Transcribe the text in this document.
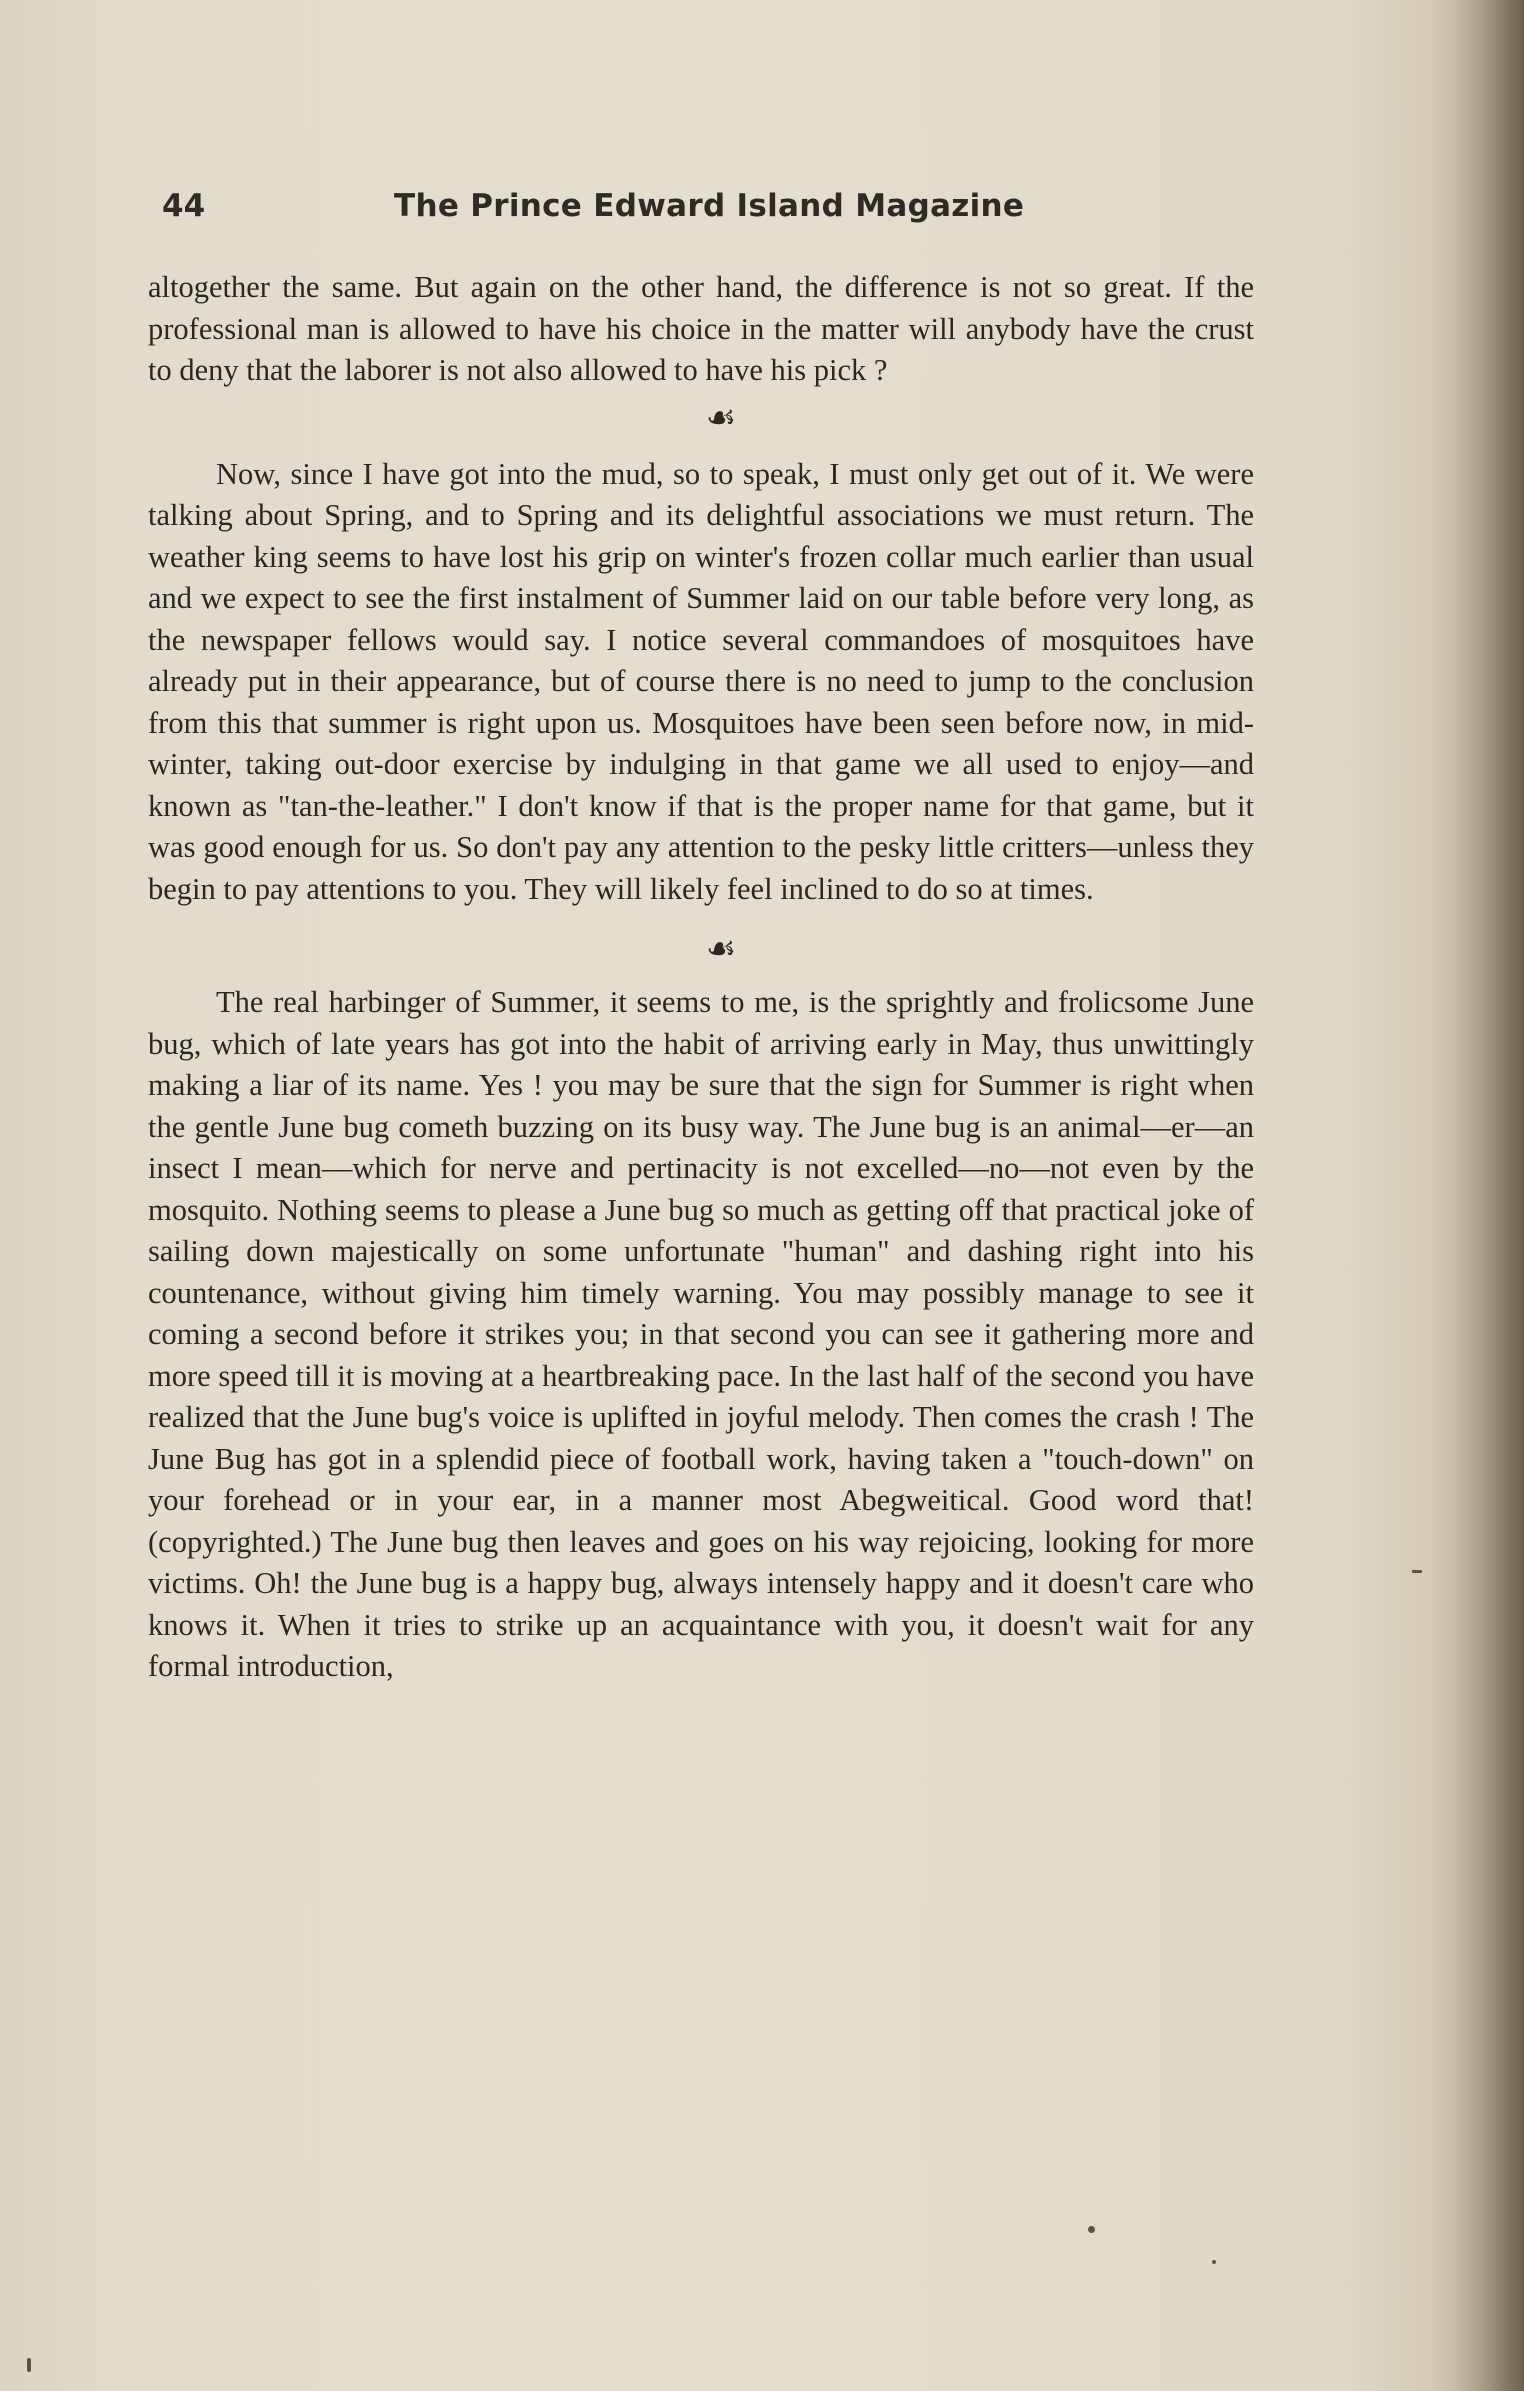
44	The Prince Edward Island Magazine

altogether the same. But again on the other hand, the difference is not so great. If the professional man is allowed to have his choice in the matter will anybody have the crust to deny that the laborer is not also allowed to have his pick ?

☙

Now, since I have got into the mud, so to speak, I must only get out of it. We were talking about Spring, and to Spring and its delightful associations we must return. The weather king seems to have lost his grip on winter's frozen collar much earlier than usual and we expect to see the first instalment of Summer laid on our table before very long, as the newspaper fellows would say. I notice several commandoes of mosquitoes have already put in their appearance, but of course there is no need to jump to the conclusion from this that summer is right upon us. Mosquitoes have been seen before now, in mid-winter, taking out-door exercise by indulging in that game we all used to enjoy—and known as "tan-the-leather." I don't know if that is the proper name for that game, but it was good enough for us. So don't pay any attention to the pesky little critters—unless they begin to pay attentions to you. They will likely feel inclined to do so at times.

☙

The real harbinger of Summer, it seems to me, is the sprightly and frolicsome June bug, which of late years has got into the habit of arriving early in May, thus unwittingly making a liar of its name. Yes ! you may be sure that the sign for Summer is right when the gentle June bug cometh buzzing on its busy way. The June bug is an animal—er—an insect I mean—which for nerve and pertinacity is not excelled—no—not even by the mosquito. Nothing seems to please a June bug so much as getting off that practical joke of sailing down majestically on some unfortunate "human" and dashing right into his countenance, without giving him timely warning. You may possibly manage to see it coming a second before it strikes you; in that second you can see it gathering more and more speed till it is moving at a heartbreaking pace. In the last half of the second you have realized that the June bug's voice is uplifted in joyful melody. Then comes the crash ! The June Bug has got in a splendid piece of football work, having taken a "touch-down" on your forehead or in your ear, in a manner most Abegweitical. Good word that! (copyrighted.) The June bug then leaves and goes on his way rejoicing, looking for more victims. Oh! the June bug is a happy bug, always intensely happy and it doesn't care who knows it. When it tries to strike up an acquaintance with you, it doesn't wait for any formal introduction,
